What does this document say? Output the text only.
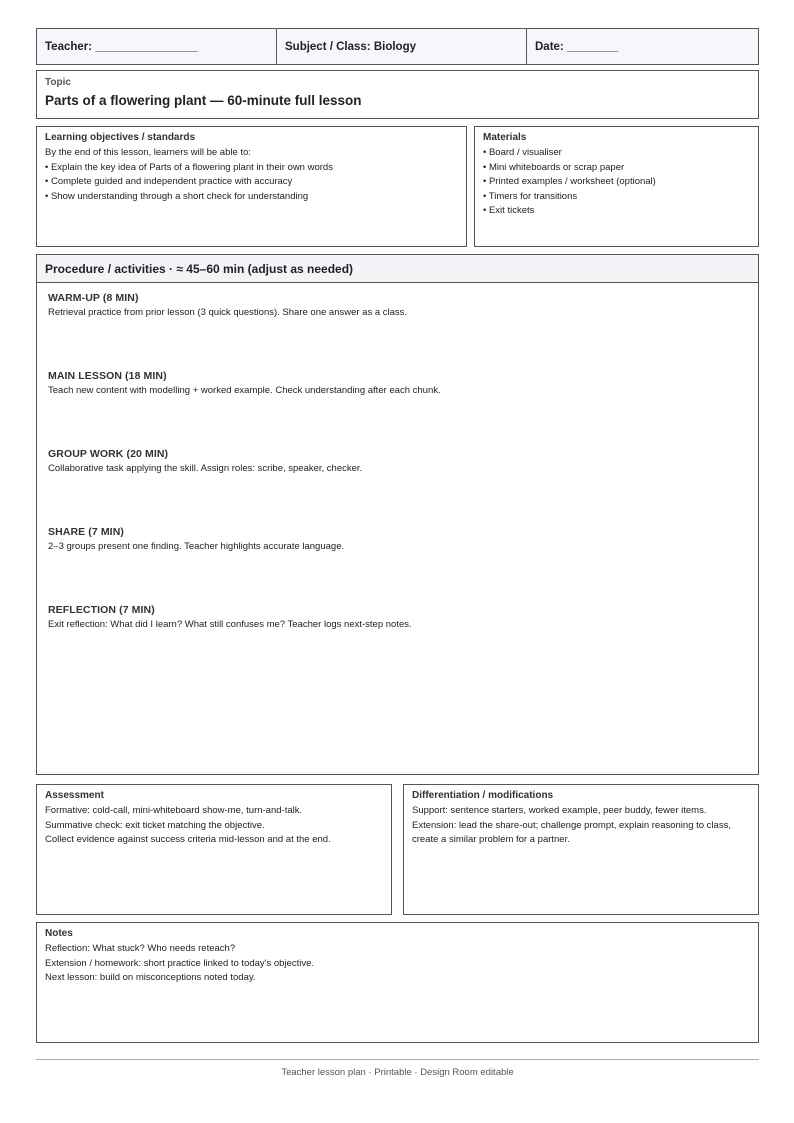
Teacher: ________________	Subject / Class: Biology	Date: ________
Topic
Parts of a flowering plant — 60-minute full lesson
Learning objectives / standards
By the end of this lesson, learners will be able to:
• Explain the key idea of Parts of a flowering plant in their own words
• Complete guided and independent practice with accuracy
• Show understanding through a short check for understanding
Materials
• Board / visualiser
• Mini whiteboards or scrap paper
• Printed examples / worksheet (optional)
• Timers for transitions
• Exit tickets
Procedure / activities · ≈ 45–60 min (adjust as needed)
WARM-UP (8 MIN)
Retrieval practice from prior lesson (3 quick questions). Share one answer as a class.
MAIN LESSON (18 MIN)
Teach new content with modelling + worked example. Check understanding after each chunk.
GROUP WORK (20 MIN)
Collaborative task applying the skill. Assign roles: scribe, speaker, checker.
SHARE (7 MIN)
2–3 groups present one finding. Teacher highlights accurate language.
REFLECTION (7 MIN)
Exit reflection: What did I learn? What still confuses me? Teacher logs next-step notes.
Assessment
Formative: cold-call, mini-whiteboard show-me, turn-and-talk.
Summative check: exit ticket matching the objective.
Collect evidence against success criteria mid-lesson and at the end.
Differentiation / modifications
Support: sentence starters, worked example, peer buddy, fewer items.
Extension: lead the share-out; challenge prompt, explain reasoning to class,
create a similar problem for a partner.
Notes
Reflection: What stuck? Who needs reteach?
Extension / homework: short practice linked to today's objective.
Next lesson: build on misconceptions noted today.
Teacher lesson plan · Printable · Design Room editable
